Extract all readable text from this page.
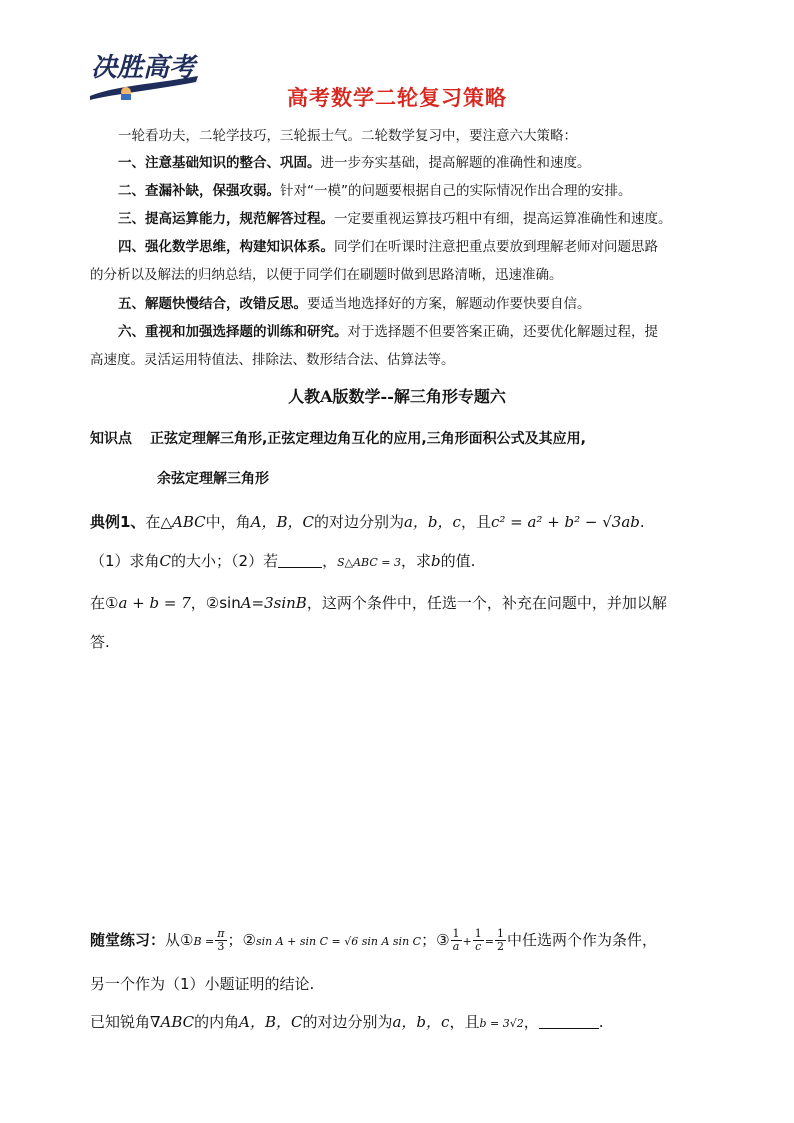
决胜高考
高考数学二轮复习策略
一轮看功夫，二轮学技巧，三轮振士气。二轮数学复习中，要注意六大策略：
一、注意基础知识的整合、巩固。进一步夯实基础，提高解题的准确性和速度。
二、查漏补缺，保强攻弱。针对“一模”的问题要根据自己的实际情况作出合理的安排。
三、提高运算能力，规范解答过程。一定要重视运算技巧粗中有细，提高运算准确性和速度。
四、强化数学思维，构建知识体系。同学们在听课时注意把重点要放到理解老师对问题思路
的分析以及解法的归纳总结，以便于同学们在刷题时做到思路清晰，迅速准确。
五、解题快慢结合，改错反思。要适当地选择好的方案，解题动作要快要自信。
六、重视和加强选择题的训练和研究。对于选择题不但要答案正确，还要优化解题过程，提
高速度。灵活运用特值法、排除法、数形结合法、估算法等。
人教A版数学--解三角形专题六
知识点 正弦定理解三角形,正弦定理边角互化的应用,三角形面积公式及其应用,
余弦定理解三角形
典例1、在△ABC中，角A，B，C的对边分别为a，b，c，且c² = a² + b² − √3ab.
（1）求角C的大小；（2）若	，S△ABC = 3，求b的值.
在①a + b = 7，②sinA=3sinB，这两个条件中，任选一个，补充在问题中，并加以解
答.
随堂练习：从①B = $\frac{\pi}{3}$ ；②sin A + sin C = √6 sin A sin C；③ $\frac{1}{a} + \frac{1}{c} = \frac{1}{2}$ 中任选两个作为条件，
另一个作为（1）小题证明的结论.
已知锐角∇ABC的内角A，B，C的对边分别为a，b，c，且b = 3√2，	.
